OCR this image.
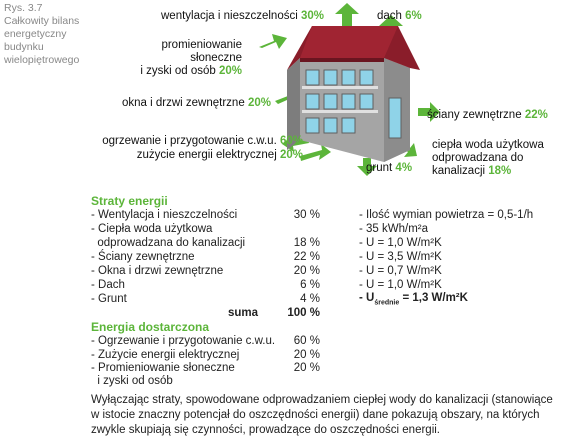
Rys. 3.7
Całkowity bilans
energetyczny
budynku
wielopiętrowego
wentylacja i nieszczelności 30%	dach 6%
promieniowanie
słoneczne
i zyski od osób 20%
okna i drzwi zewnętrzne 20%
ściany zewnętrzne 22%
ogrzewanie i przygotowanie c.w.u. 60%
zużycie energii elektrycznej 20%
ciepła woda użytkowa
odprowadzana do
kanalizacji 18%
grunt 4%
Straty energii
- Wentylacja i nieszczelności	30 %	- Ilość wymian powietrza = 0,5-1/h
- Ciepła woda użytkowa	- 35 kWh/m²a
odprowadzana do kanalizacji	18 %	- U = 1,0 W/m²K
- Ściany zewnętrzne	22 %	- U = 3,5 W/m²K
- Okna i drzwi zewnętrzne	20 %	- U = 0,7 W/m²K
- Dach	6 %	- U = 1,0 W/m²K
- Grunt	4 %	- $U_{średnie} = 1,3$ W/m²K
suma	100 %
Energia dostarczona
- Ogrzewanie i przygotowanie c.w.u.	60 %
- Zużycie energii elektrycznej	20 %
- Promieniowanie słoneczne	20 %
i zyski od osób
Wyłączając straty, spowodowane odprowadzaniem ciepłej wody do kanalizacji (stanowiące w istocie znaczny potencjał do oszczędności energii) dane pokazują obszary, na których zwykle skupiają się czynności, prowadzące do oszczędności energii.
